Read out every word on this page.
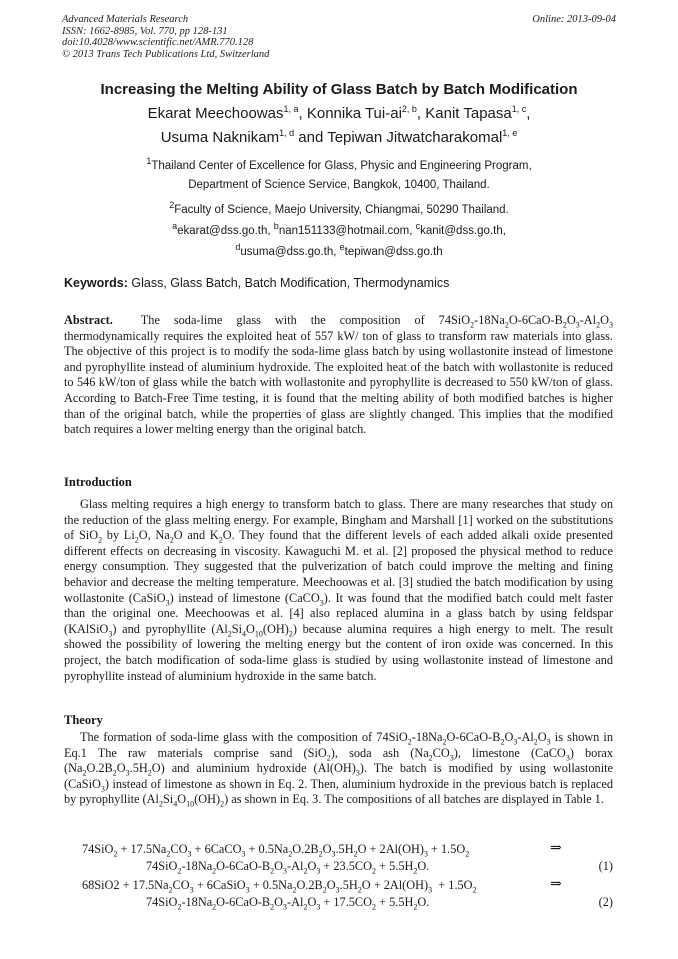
Advanced Materials Research
ISSN: 1662-8985, Vol. 770, pp 128-131
doi:10.4028/www.scientific.net/AMR.770.128
© 2013 Trans Tech Publications Ltd, Switzerland
Online: 2013-09-04
Increasing the Melting Ability of Glass Batch by Batch Modification
Ekarat Meechoowas$^{1, a}$, Konnika Tui-ai$^{2, b}$, Kanit Tapasa$^{1, c}$,
Usuma Naknikam$^{1, d}$ and Tepiwan Jitwatcharakomal$^{1, e}$
$^1$Thailand Center of Excellence for Glass, Physic and Engineering Program,
Department of Science Service, Bangkok, 10400, Thailand.
$^2$Faculty of Science, Maejo University, Chiangmai, 50290 Thailand.
$^a$ekarat@dss.go.th, $^b$nan151133@hotmail.com, $^c$kanit@dss.go.th,
$^d$usuma@dss.go.th, $^e$tepiwan@dss.go.th
Keywords: Glass, Glass Batch, Batch Modification, Thermodynamics
Abstract. The soda-lime glass with the composition of $74SiO_2-18Na_2O-6CaO-B_2O_3-Al_2O_3$ thermodynamically requires the exploited heat of 557 kW/ ton of glass to transform raw materials into glass. The objective of this project is to modify the soda-lime glass batch by using wollastonite instead of limestone and pyrophyllite instead of aluminium hydroxide. The exploited heat of the batch with wollastonite is reduced to 546 kW/ton of glass while the batch with wollastonite and pyrophyllite is decreased to 550 kW/ton of glass. According to Batch-Free Time testing, it is found that the melting ability of both modified batches is higher than of the original batch, while the properties of glass are slightly changed. This implies that the modified batch requires a lower melting energy than the original batch.
Introduction
Glass melting requires a high energy to transform batch to glass. There are many researches that study on the reduction of the glass melting energy. For example, Bingham and Marshall [1] worked on the substitutions of SiO$_2$ by $Li_2O$, $Na_2O$ and $K_2O$. They found that the different levels of each added alkali oxide presented different effects on decreasing in viscosity. Kawaguchi M. et al. [2] proposed the physical method to reduce energy consumption. They suggested that the pulverization of batch could improve the melting and fining behavior and decrease the melting temperature. Meechoowas et al. [3] studied the batch modification by using wollastonite (CaSiO$_3$) instead of limestone (CaCO$_3$). It was found that the modified batch could melt faster than the original one. Meechoowas et al. [4] also replaced alumina in a glass batch by using feldspar (KAlSiO$_3$) and pyrophyllite $(Al_2Si_4O_{10}(OH)_2)$ because alumina requires a high energy to melt. The result showed the possibility of lowering the melting energy but the content of iron oxide was concerned. In this project, the batch modification of soda-lime glass is studied by using wollastonite instead of limestone and pyrophyllite instead of aluminium hydroxide in the same batch.
Theory
The formation of soda-lime glass with the composition of $74SiO_2-18Na_2O-6CaO-B_2O_3-Al_2O_3$ is shown in Eq.1 The raw materials comprise sand (SiO$_2$), soda ash $(Na_2CO_3)$, limestone (CaCO$_3$) borax $(Na_2O.2B_2O_3.5H_2O)$ and aluminium hydroxide $(Al(OH)_3)$. The batch is modified by using wollastonite (CaSiO$_3$) instead of limestone as shown in Eq. 2. Then, aluminium hydroxide in the previous batch is replaced by pyrophyllite $(Al_2Si_4O_{10}(OH)_2)$ as shown in Eq. 3. The compositions of all batches are displayed in Table 1.
$74SiO_2 + 17.5Na_2CO_3$ + 6CaCO$_3$ + $0.5Na_2O.2B_2O_3.5H_2O + 2Al(OH)_3 + 1.5O_2$	⇒
$74SiO_2-18Na_2O-6CaO-B_2O_3-Al_2O_3 + 23.5CO_2 + 5.5H_2O$.	(1)
$68SiO2 + 17.5Na_2CO_3$ + 6CaSiO$_3$ + $0.5Na_2O.2B_2O_3.5H_2O + 2Al(OH)_3 + 1.5O_2$	⇒
$74SiO_2-18Na_2O-6CaO-B_2O_3-Al_2O_3 + 17.5CO_2 + 5.5H_2O$.	(2)
